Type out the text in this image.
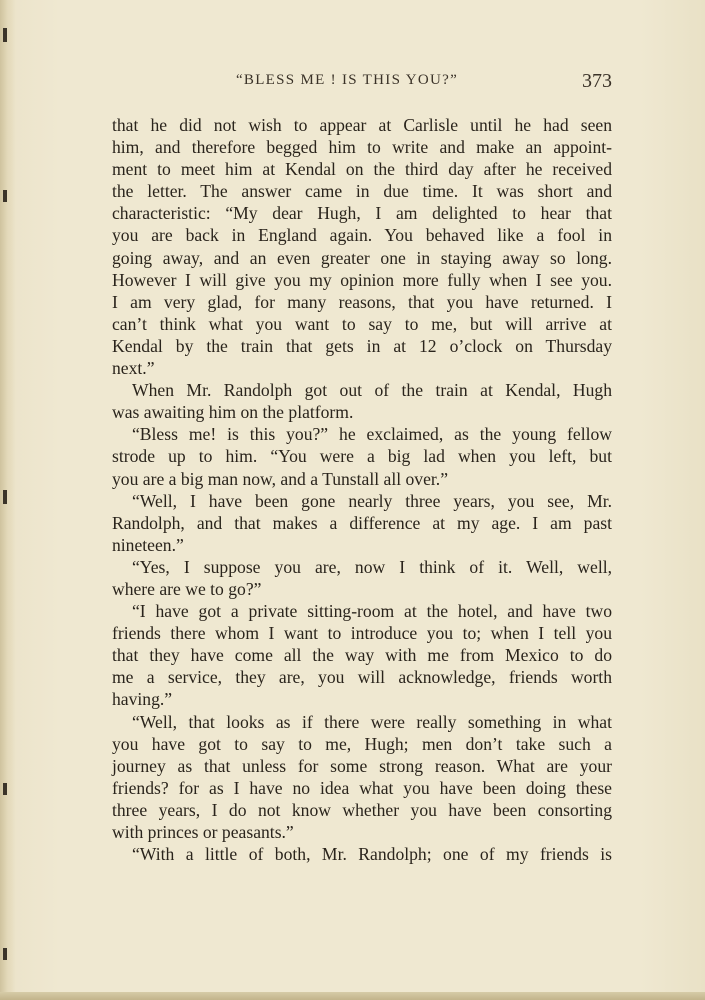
“BLESS ME ! IS THIS YOU?”	373
that he did not wish to appear at Carlisle until he had seen
him, and therefore begged him to write and make an appoint-
ment to meet him at Kendal on the third day after he received
the letter. The answer came in due time. It was short and
characteristic: “My dear Hugh, I am delighted to hear that
you are back in England again. You behaved like a fool in
going away, and an even greater one in staying away so long.
However I will give you my opinion more fully when I see you.
I am very glad, for many reasons, that you have returned. I
can’t think what you want to say to me, but will arrive at
Kendal by the train that gets in at 12 o’clock on Thursday
next.”
When Mr. Randolph got out of the train at Kendal, Hugh
was awaiting him on the platform.
“Bless me! is this you?” he exclaimed, as the young fellow
strode up to him. “You were a big lad when you left, but
you are a big man now, and a Tunstall all over.”
“Well, I have been gone nearly three years, you see, Mr.
Randolph, and that makes a difference at my age. I am past
nineteen.”
“Yes, I suppose you are, now I think of it. Well, well,
where are we to go?”
“I have got a private sitting-room at the hotel, and have two
friends there whom I want to introduce you to; when I tell you
that they have come all the way with me from Mexico to do
me a service, they are, you will acknowledge, friends worth
having.”
“Well, that looks as if there were really something in what
you have got to say to me, Hugh; men don’t take such a
journey as that unless for some strong reason. What are your
friends? for as I have no idea what you have been doing these
three years, I do not know whether you have been consorting
with princes or peasants.”
“With a little of both, Mr. Randolph; one of my friends is
